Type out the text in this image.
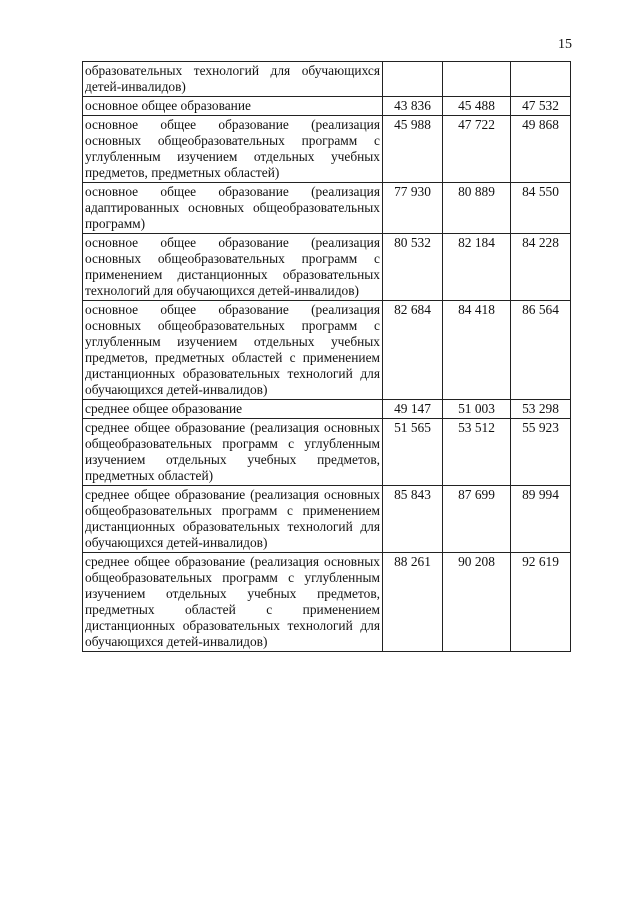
15
образовательных технологий для обучающихся детей-инвалидов)			
основное общее образование	43 836	45 488	47 532
основное общее образование (реализация основных общеобразовательных программ с углубленным изучением отдельных учебных предметов, предметных областей)	45 988	47 722	49 868
основное общее образование (реализация адаптированных основных общеобразовательных программ)	77 930	80 889	84 550
основное общее образование (реализация основных общеобразовательных программ с применением дистанционных образовательных технологий для обучающихся детей-инвалидов)	80 532	82 184	84 228
основное общее образование (реализация основных общеобразовательных программ с углубленным изучением отдельных учебных предметов, предметных областей с применением дистанционных образовательных технологий для обучающихся детей-инвалидов)	82 684	84 418	86 564
среднее общее образование	49 147	51 003	53 298
среднее общее образование (реализация основных общеобразовательных программ с углубленным изучением отдельных учебных предметов, предметных областей)	51 565	53 512	55 923
среднее общее образование (реализация основных общеобразовательных программ с применением дистанционных образовательных технологий для обучающихся детей-инвалидов)	85 843	87 699	89 994
среднее общее образование (реализация основных общеобразовательных программ с углубленным изучением отдельных учебных предметов, предметных областей с применением дистанционных образовательных технологий для обучающихся детей-инвалидов)	88 261	90 208	92 619
